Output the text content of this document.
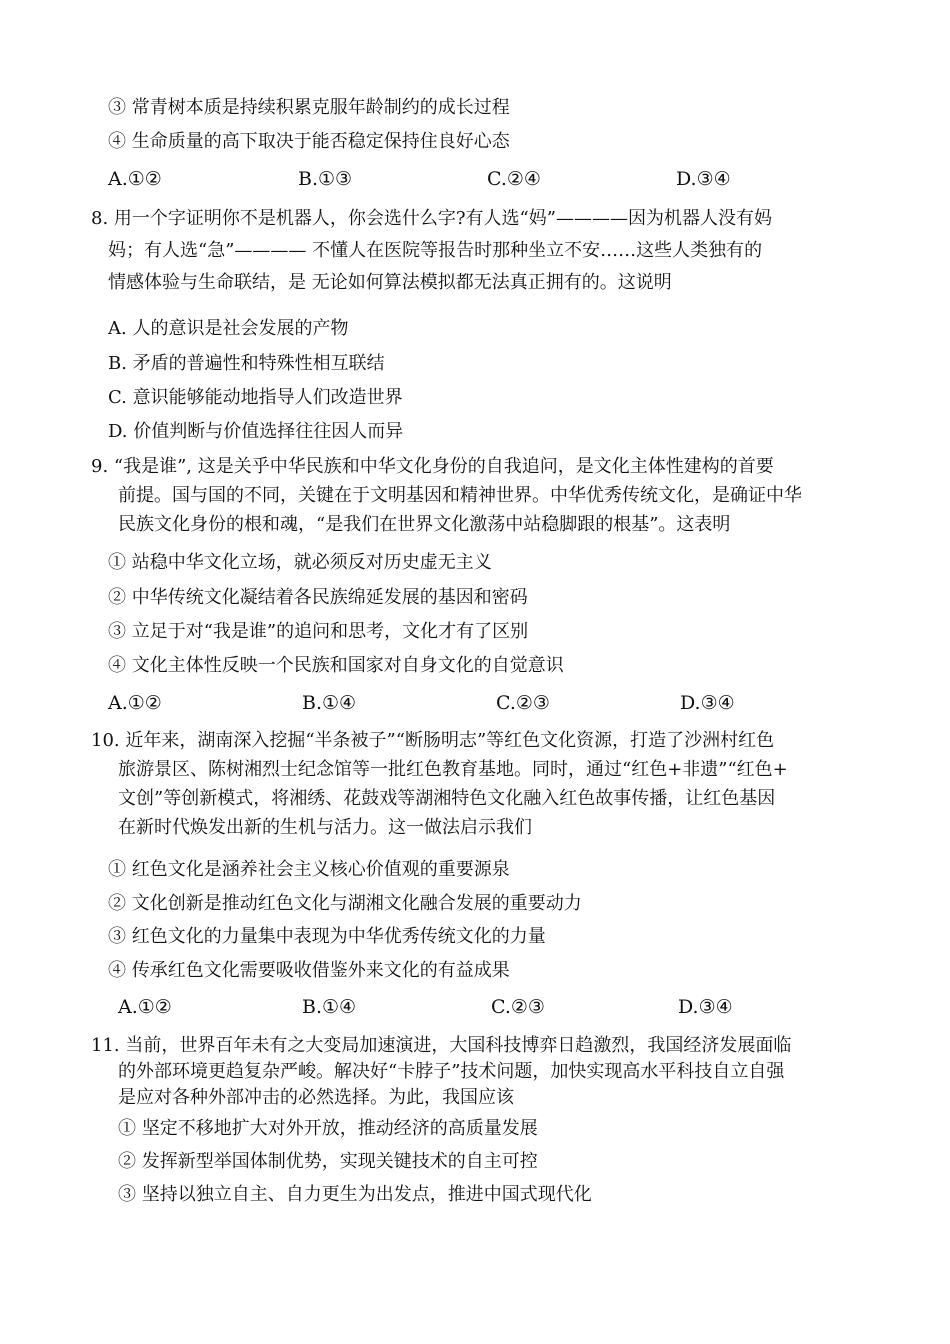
③ 常青树本质是持续积累克服年龄制约的成长过程
④ 生命质量的高下取决于能否稳定保持住良好心态
A.①②	B.①③	C.②④	D.③④
8. 用一个字证明你不是机器人，你会选什么字?有人选“妈”————因为机器人没有妈
妈；有人选“急”———— 不懂人在医院等报告时那种坐立不安……这些人类独有的
情感体验与生命联结，是 无论如何算法模拟都无法真正拥有的。这说明
A. 人的意识是社会发展的产物
B. 矛盾的普遍性和特殊性相互联结
C. 意识能够能动地指导人们改造世界
D. 价值判断与价值选择往往因人而异
9. “我是谁”, 这是关乎中华民族和中华文化身份的自我追问，是文化主体性建构的首要
前提。国与国的不同，关键在于文明基因和精神世界。中华优秀传统文化，是确证中华
民族文化身份的根和魂，“是我们在世界文化激荡中站稳脚跟的根基”。这表明
① 站稳中华文化立场，就必须反对历史虚无主义
② 中华传统文化凝结着各民族绵延发展的基因和密码
③ 立足于对“我是谁”的追问和思考，文化才有了区别
④ 文化主体性反映一个民族和国家对自身文化的自觉意识
A.①②	B.①④	C.②③	D.③④
10. 近年来，湖南深入挖掘“半条被子”“断肠明志”等红色文化资源，打造了沙洲村红色
旅游景区、陈树湘烈士纪念馆等一批红色教育基地。同时，通过“红色+非遗”“红色+
文创”等创新模式，将湘绣、花鼓戏等湖湘特色文化融入红色故事传播，让红色基因
在新时代焕发出新的生机与活力。这一做法启示我们
① 红色文化是涵养社会主义核心价值观的重要源泉
② 文化创新是推动红色文化与湖湘文化融合发展的重要动力
③ 红色文化的力量集中表现为中华优秀传统文化的力量
④ 传承红色文化需要吸收借鉴外来文化的有益成果
A.①②	B.①④	C.②③	D.③④
11. 当前，世界百年未有之大变局加速演进，大国科技博弈日趋激烈，我国经济发展面临
的外部环境更趋复杂严峻。解决好“卡脖子”技术问题，加快实现高水平科技自立自强
是应对各种外部冲击的必然选择。为此，我国应该
① 坚定不移地扩大对外开放，推动经济的高质量发展
② 发挥新型举国体制优势，实现关键技术的自主可控
③ 坚持以独立自主、自力更生为出发点，推进中国式现代化
